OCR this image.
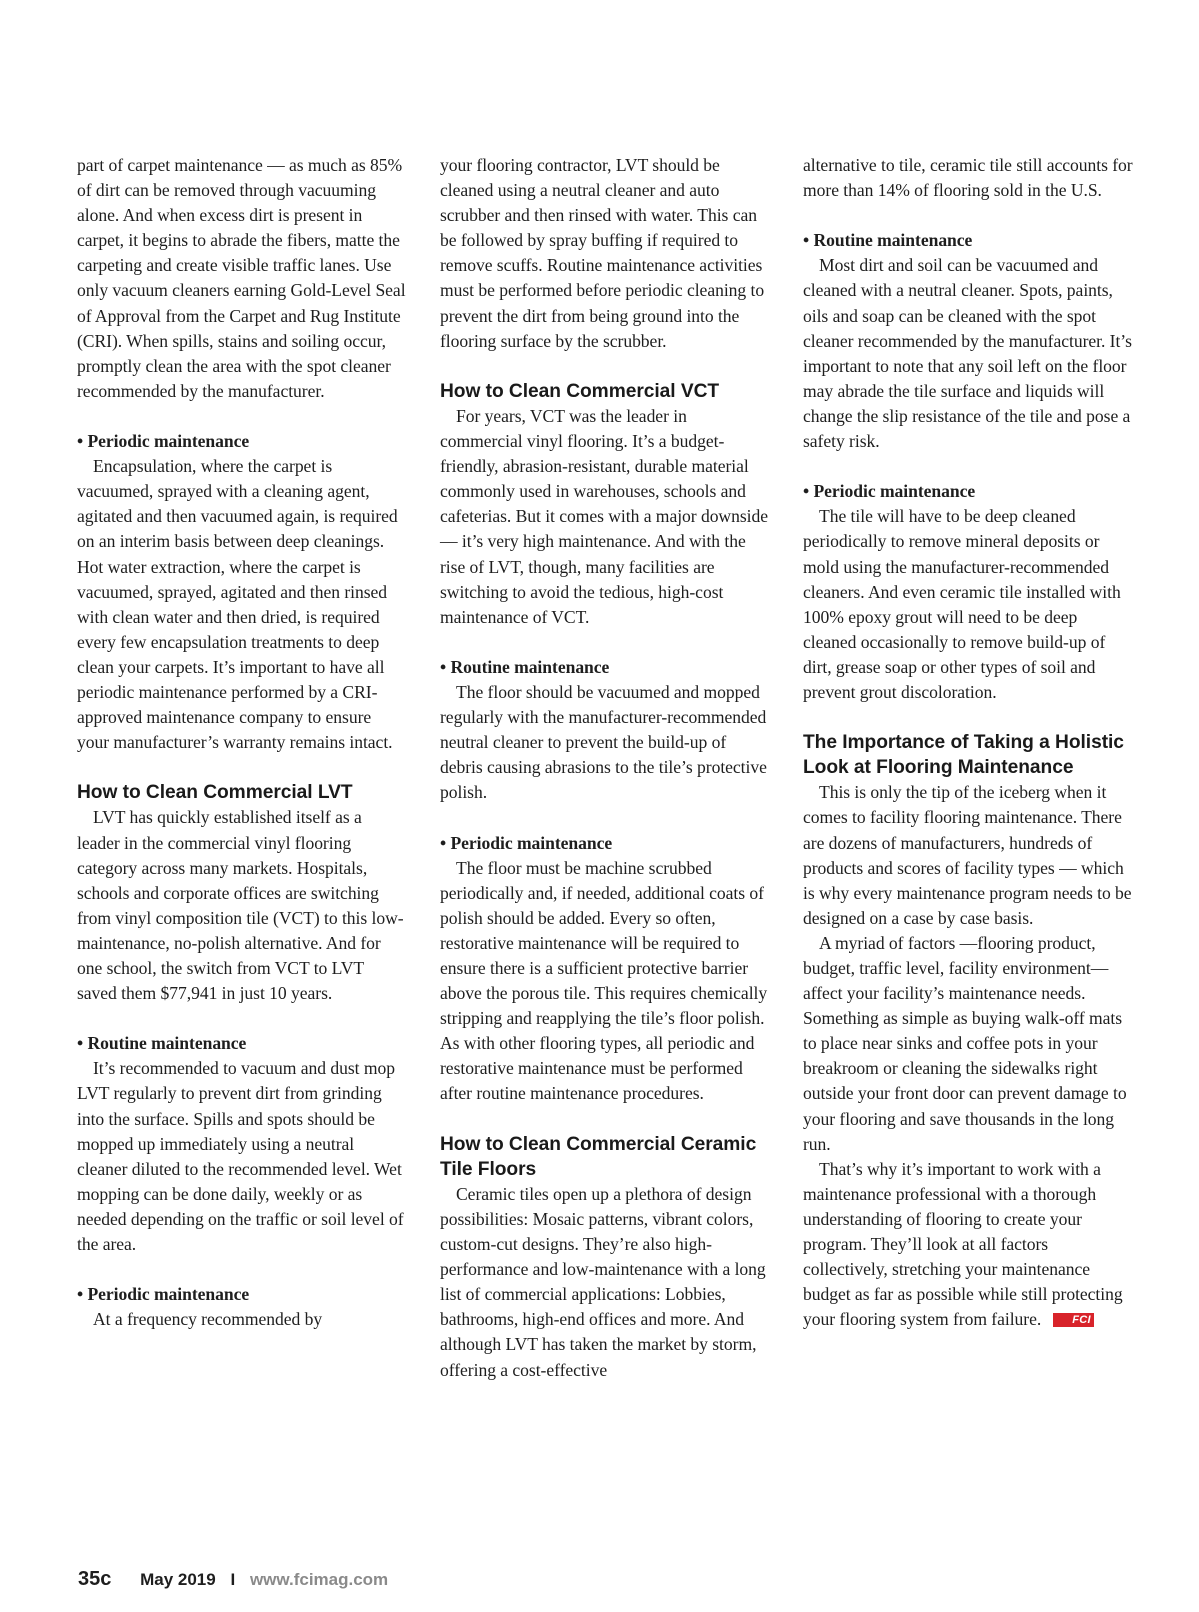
part of carpet maintenance — as much as 85% of dirt can be removed through vacuuming alone. And when excess dirt is present in carpet, it begins to abrade the fibers, matte the carpeting and create visible traffic lanes. Use only vacuum cleaners earning Gold-Level Seal of Approval from the Carpet and Rug Institute (CRI). When spills, stains and soiling occur, promptly clean the area with the spot cleaner recommended by the manufacturer.

• Periodic maintenance

Encapsulation, where the carpet is vacuumed, sprayed with a cleaning agent, agitated and then vacuumed again, is required on an interim basis between deep cleanings. Hot water extraction, where the carpet is vacuumed, sprayed, agitated and then rinsed with clean water and then dried, is required every few encapsulation treatments to deep clean your carpets. It’s important to have all periodic maintenance performed by a CRI-approved maintenance company to ensure your manufacturer’s warranty remains intact.

How to Clean Commercial LVT

LVT has quickly established itself as a leader in the commercial vinyl flooring category across many markets. Hospitals, schools and corporate offices are switching from vinyl composition tile (VCT) to this low-maintenance, no-polish alternative. And for one school, the switch from VCT to LVT saved them $77,941 in just 10 years.

• Routine maintenance

It’s recommended to vacuum and dust mop LVT regularly to prevent dirt from grinding into the surface. Spills and spots should be mopped up immediately using a neutral cleaner diluted to the recommended level. Wet mopping can be done daily, weekly or as needed depending on the traffic or soil level of the area.

• Periodic maintenance

At a frequency recommended by

your flooring contractor, LVT should be cleaned using a neutral cleaner and auto scrubber and then rinsed with water. This can be followed by spray buffing if required to remove scuffs. Routine maintenance activities must be performed before periodic cleaning to prevent the dirt from being ground into the flooring surface by the scrubber.

How to Clean Commercial VCT

For years, VCT was the leader in commercial vinyl flooring. It’s a budget-friendly, abrasion-resistant, durable material commonly used in warehouses, schools and cafeterias. But it comes with a major downside — it’s very high maintenance. And with the rise of LVT, though, many facilities are switching to avoid the tedious, high-cost maintenance of VCT.

• Routine maintenance

The floor should be vacuumed and mopped regularly with the manufacturer-recommended neutral cleaner to prevent the build-up of debris causing abrasions to the tile’s protective polish.

• Periodic maintenance

The floor must be machine scrubbed periodically and, if needed, additional coats of polish should be added. Every so often, restorative maintenance will be required to ensure there is a sufficient protective barrier above the porous tile. This requires chemically stripping and reapplying the tile’s floor polish. As with other flooring types, all periodic and restorative maintenance must be performed after routine maintenance procedures.

How to Clean Commercial Ceramic Tile Floors

Ceramic tiles open up a plethora of design possibilities: Mosaic patterns, vibrant colors, custom-cut designs. They’re also high-performance and low-maintenance with a long list of commercial applications: Lobbies, bathrooms, high-end offices and more. And although LVT has taken the market by storm, offering a cost-effective

alternative to tile, ceramic tile still accounts for more than 14% of flooring sold in the U.S.

• Routine maintenance

Most dirt and soil can be vacuumed and cleaned with a neutral cleaner. Spots, paints, oils and soap can be cleaned with the spot cleaner recommended by the manufacturer. It’s important to note that any soil left on the floor may abrade the tile surface and liquids will change the slip resistance of the tile and pose a safety risk.

• Periodic maintenance

The tile will have to be deep cleaned periodically to remove mineral deposits or mold using the manufacturer-recommended cleaners. And even ceramic tile installed with 100% epoxy grout will need to be deep cleaned occasionally to remove build-up of dirt, grease soap or other types of soil and prevent grout discoloration.

The Importance of Taking a Holistic Look at Flooring Maintenance

This is only the tip of the iceberg when it comes to facility flooring maintenance. There are dozens of manufacturers, hundreds of products and scores of facility types — which is why every maintenance program needs to be designed on a case by case basis.

A myriad of factors —flooring product, budget, traffic level, facility environment— affect your facility’s maintenance needs. Something as simple as buying walk-off mats to place near sinks and coffee pots in your breakroom or cleaning the sidewalks right outside your front door can prevent damage to your flooring and save thousands in the long run.

That’s why it’s important to work with a maintenance professional with a thorough understanding of flooring to create your program. They’ll look at all factors collectively, stretching your maintenance budget as far as possible while still protecting your flooring system from failure.	FCI

35c May 2019 I www.fcimag.com
